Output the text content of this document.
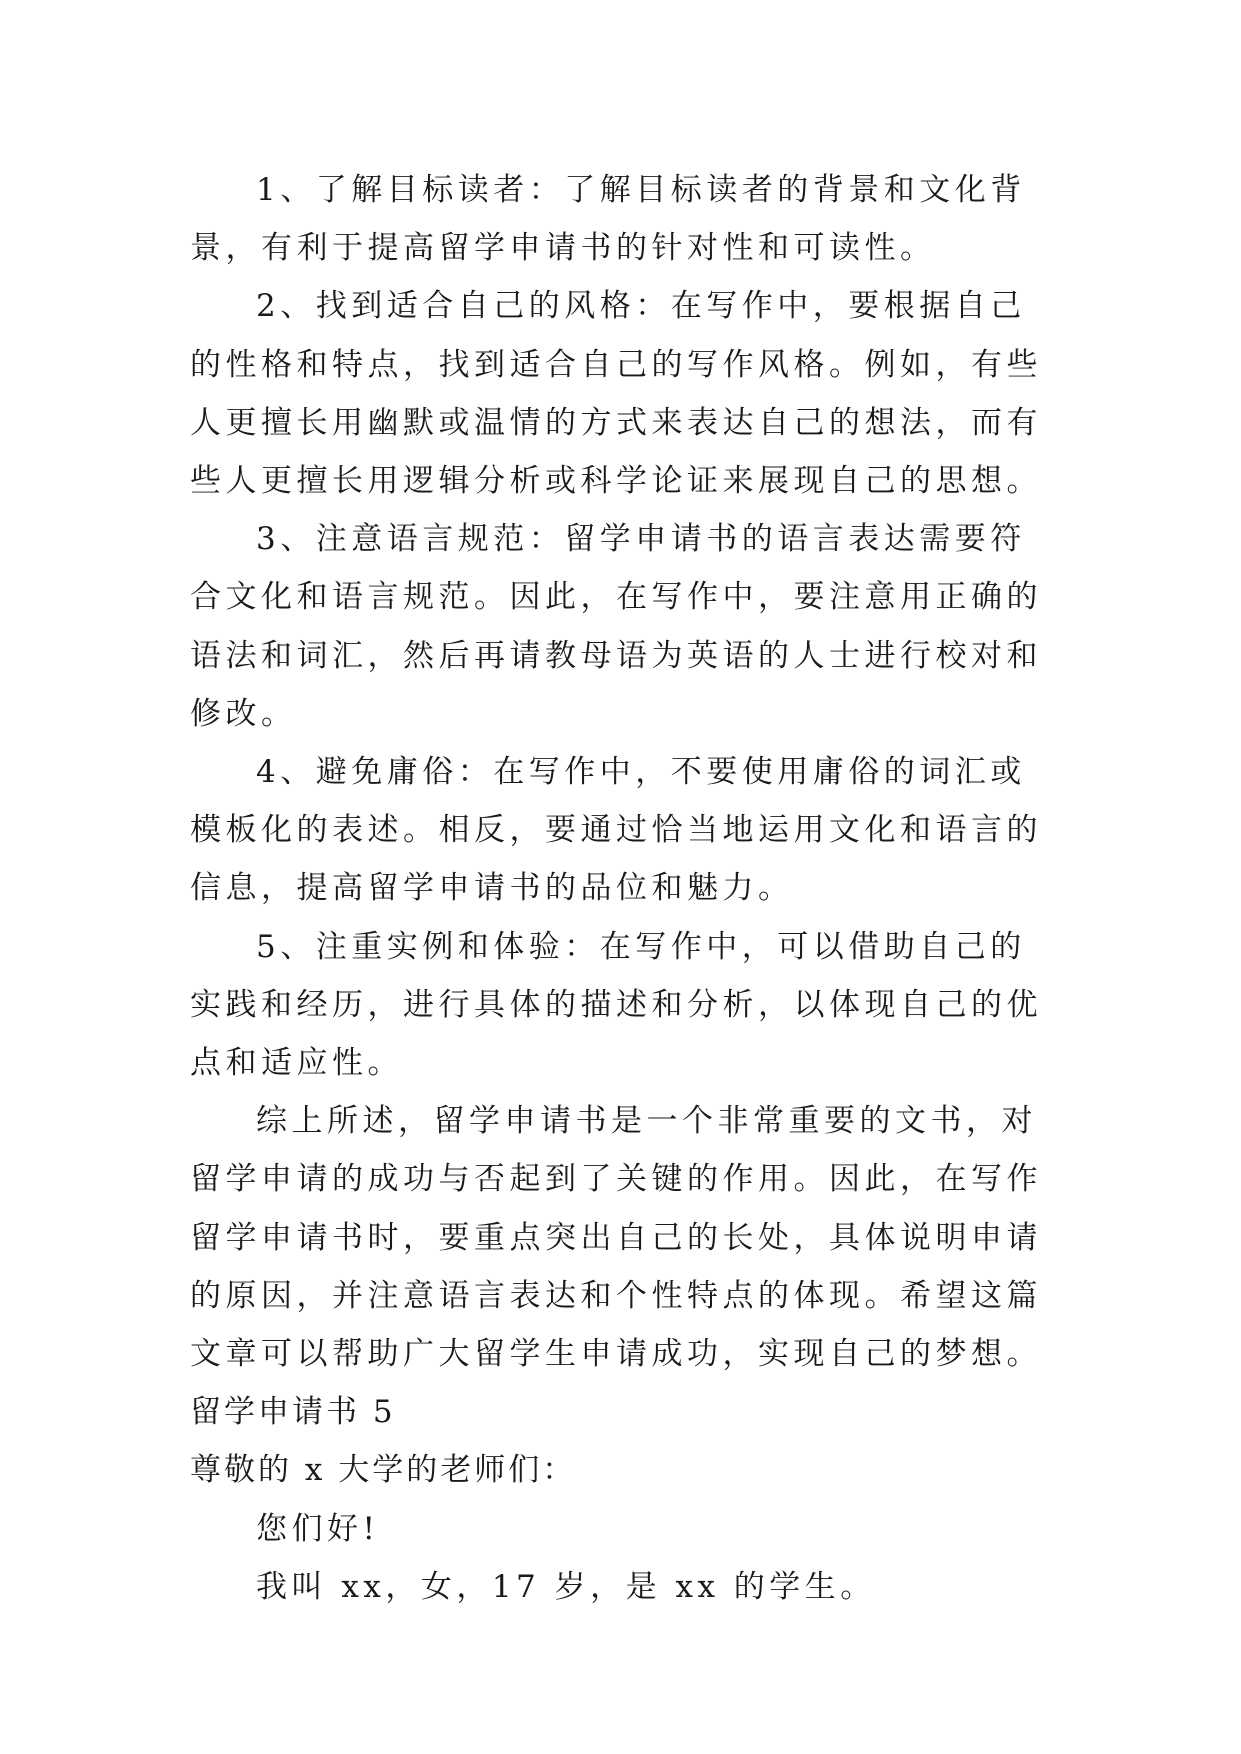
1、了解目标读者：了解目标读者的背景和文化背景，有利于提高留学申请书的针对性和可读性。

2、找到适合自己的风格：在写作中，要根据自己的性格和特点，找到适合自己的写作风格。例如，有些人更擅长用幽默或温情的方式来表达自己的想法，而有些人更擅长用逻辑分析或科学论证来展现自己的思想。

3、注意语言规范：留学申请书的语言表达需要符合文化和语言规范。因此，在写作中，要注意用正确的语法和词汇，然后再请教母语为英语的人士进行校对和修改。

4、避免庸俗：在写作中，不要使用庸俗的词汇或模板化的表述。相反，要通过恰当地运用文化和语言的信息，提高留学申请书的品位和魅力。

5、注重实例和体验：在写作中，可以借助自己的实践和经历，进行具体的描述和分析，以体现自己的优点和适应性。

综上所述，留学申请书是一个非常重要的文书，对留学申请的成功与否起到了关键的作用。因此，在写作留学申请书时，要重点突出自己的长处，具体说明申请的原因，并注意语言表达和个性特点的体现。希望这篇文章可以帮助广大留学生申请成功，实现自己的梦想。

留学申请书 5

尊敬的 x 大学的老师们：

您们好!

我叫 xx，女，17 岁，是 xx 的学生。
